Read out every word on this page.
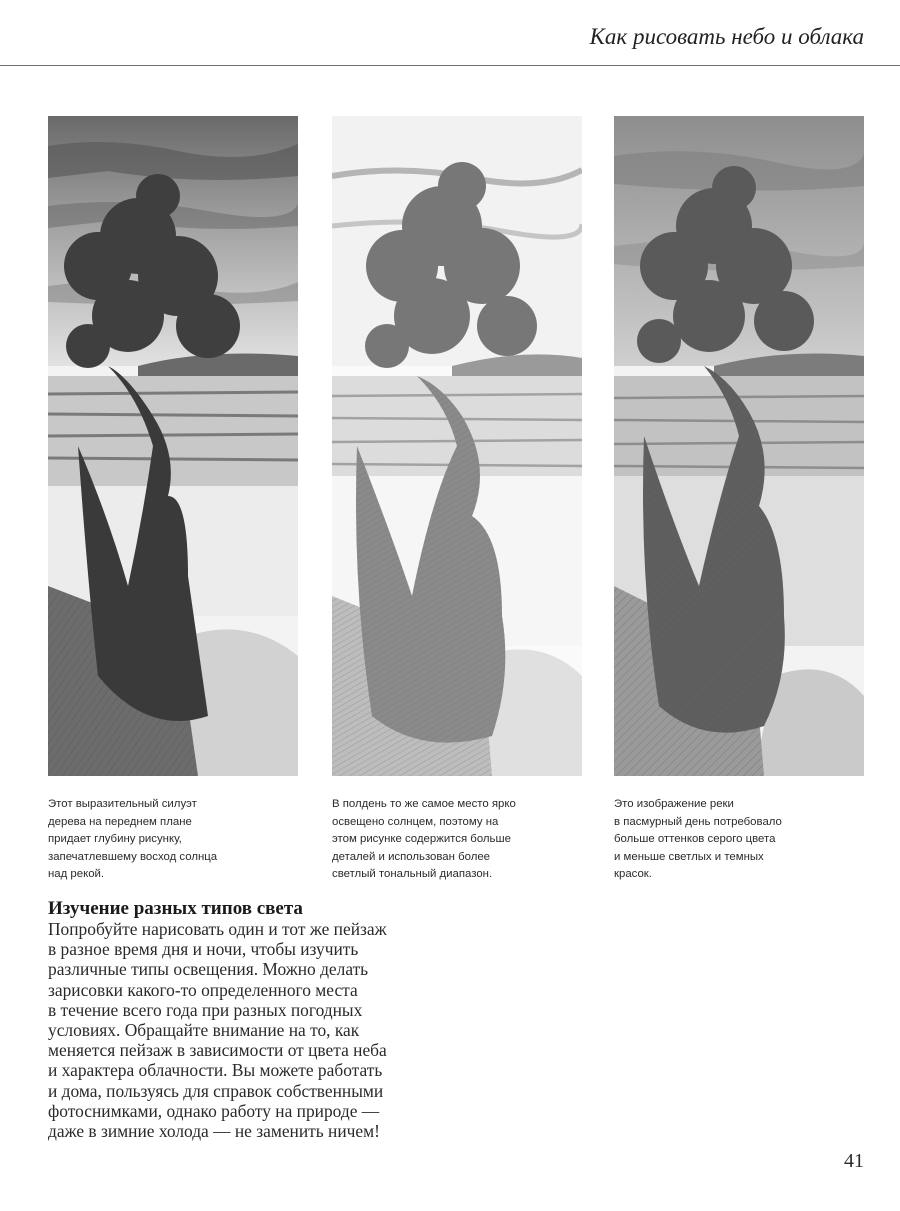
Как рисовать небо и облака
Этот выразительный силуэт
дерева на переднем плане
придает глубину рисунку,
запечатлевшему восход солнца
над рекой.
В полдень то же самое место ярко
освещено солнцем, поэтому на
этом рисунке содержится больше
деталей и использован более
светлый тональный диапазон.
Это изображение реки
в пасмурный день потребовало
больше оттенков серого цвета
и меньше светлых и темных
красок.
Изучение разных типов света
Попробуйте нарисовать один и тот же пейзаж
в разное время дня и ночи, чтобы изучить
различные типы освещения. Можно делать
зарисовки какого-то определенного места
в течение всего года при разных погодных
условиях. Обращайте внимание на то, как
меняется пейзаж в зависимости от цвета неба
и характера облачности. Вы можете работать
и дома, пользуясь для справок собственными
фотоснимками, однако работу на природе —
даже в зимние холода — не заменить ничем!
41
